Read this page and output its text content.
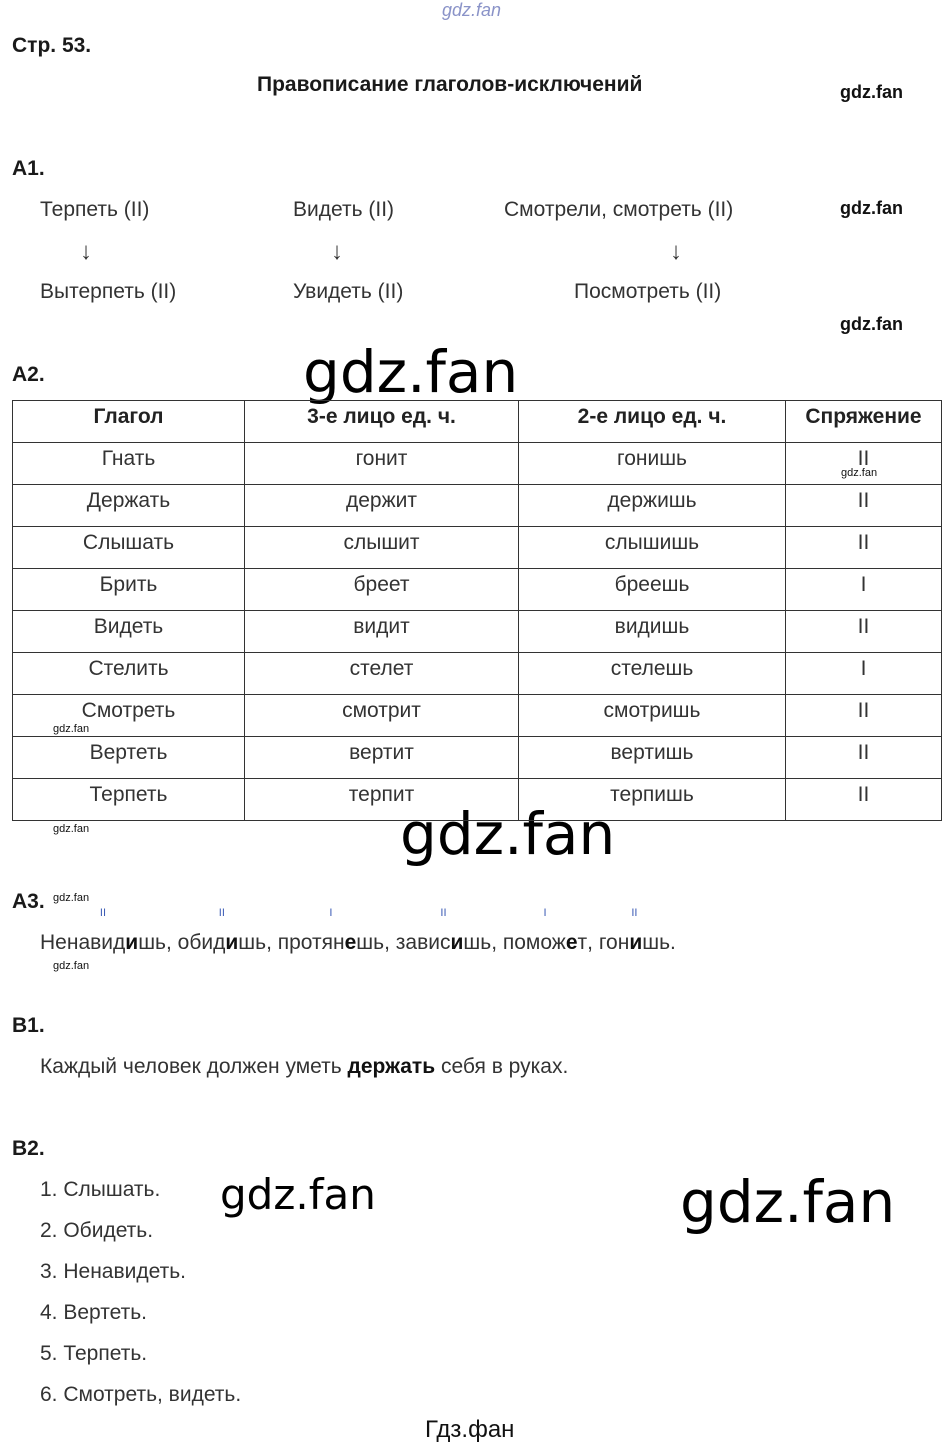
gdz.fan
gdz.fan
gdz.fan
gdz.fan
gdz.fan
gdz.fan
gdz.fan	gdz.fan
gdz.fan
gdz.fan
gdz.fan
gdz.fan
gdz.fan
Стр. 53.
Правописание глаголов-исключений
А1.
Терпеть (II)	Видеть (II)	Смотрели, смотреть (II)
↓	↓	↓
Вытерпеть (II)	Увидеть (II)	Посмотреть (II)
А2.
Глагол	3-е лицо ед. ч.	2-е лицо ед. ч.	Спряжение
Гнать	гонит	гонишь	II
Держать	держит	держишь	II
Слышать	слышит	слышишь	II
Брить	бреет	бреешь	I
Видеть	видит	видишь	II
Стелить	стелет	стелешь	I
Смотреть	смотрит	смотришь	II
Вертеть	вертит	вертишь	II
Терпеть	терпит	терпишь	II
А3.	II
Ненавидишь,
II
обидишь,
I
протянешь,
II
зависишь,
I
поможет,
II
гонишь.
В1.
Каждый человек должен уметь держать себя в руках.
В2.
1. Слышать.
2. Обидеть.
3. Ненавидеть.
4. Вертеть.
5. Терпеть.
6. Смотреть, видеть.
Гдз.фан
